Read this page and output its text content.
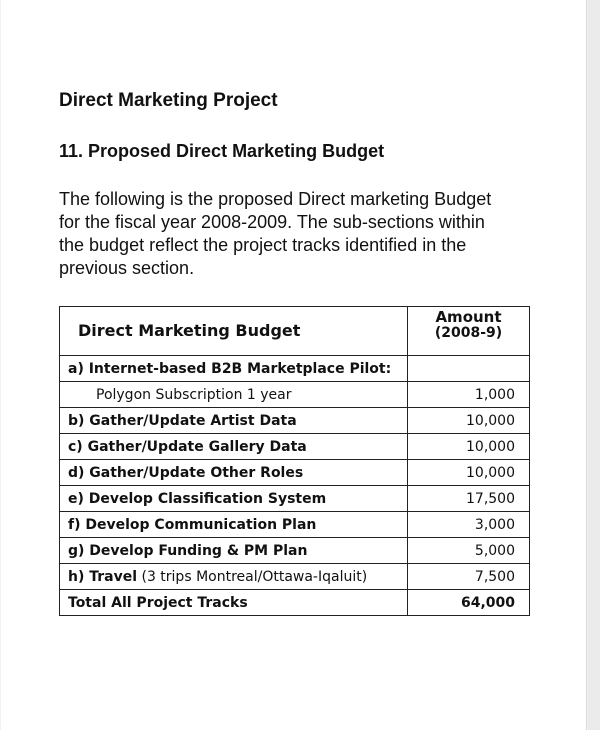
Direct Marketing Project
11. Proposed Direct Marketing Budget
The following is the proposed Direct marketing Budget
for the fiscal year 2008-2009. The sub-sections within
the budget reflect the project tracks identified in the
previous section.
Direct Marketing Budget	Amount
(2008-9)

a) Internet-based B2B Marketplace Pilot:	
Polygon Subscription 1 year	1,000
b) Gather/Update Artist Data	10,000
c) Gather/Update Gallery Data	10,000
d) Gather/Update Other Roles	10,000
e) Develop Classification System	17,500
f) Develop Communication Plan	3,000
g) Develop Funding & PM Plan	5,000
h) Travel (3 trips Montreal/Ottawa-Iqaluit)	7,500
Total All Project Tracks	64,000
